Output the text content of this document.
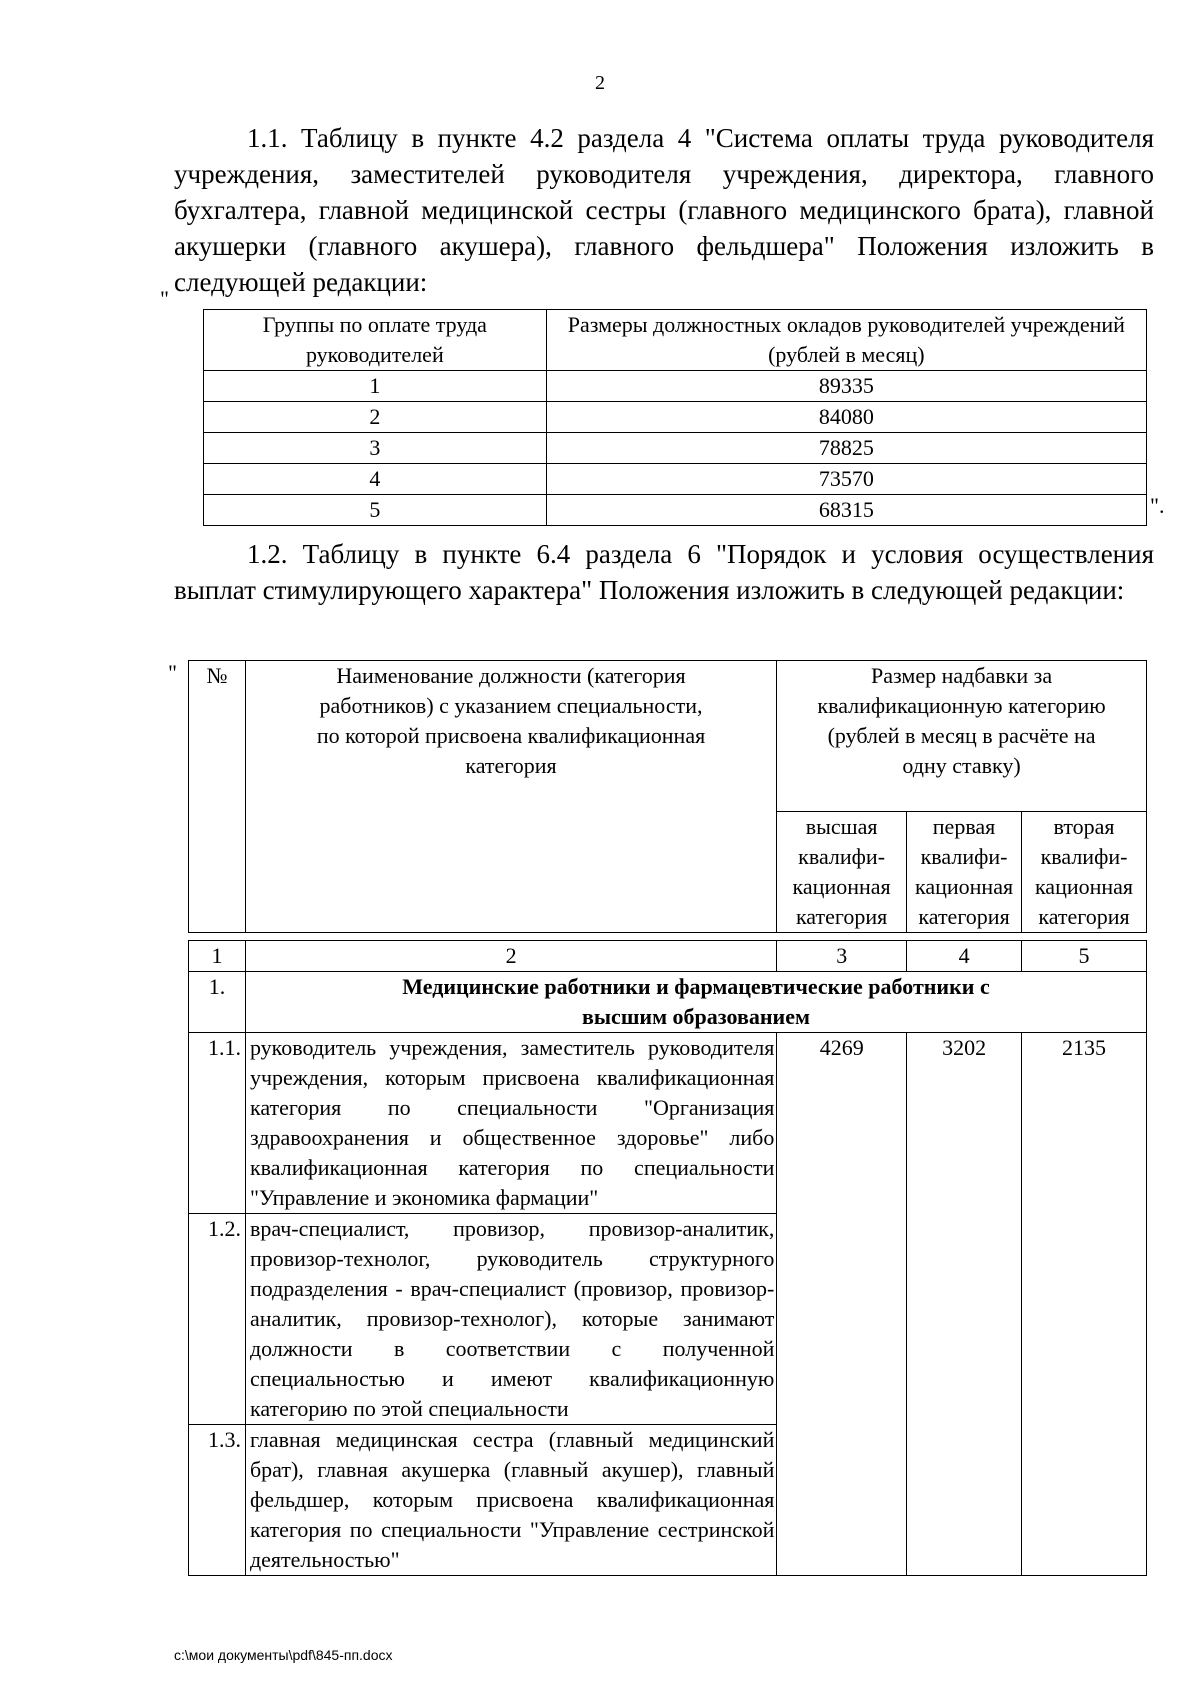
2

1.1. Таблицу в пункте 4.2 раздела 4 "Система оплаты труда руководителя учреждения, заместителей руководителя учреждения, директора, главного бухгалтера, главной медицинской сестры (главного медицинского брата), главной акушерки (главного акушера), главного фельдшера" Положения изложить в следующей редакции:

"
Группы по оплате труда руководителей	Размеры должностных окладов руководителей учреждений (рублей в месяц)
1	89335
2	84080
3	78825
4	73570
5	68315	".

1.2. Таблицу в пункте 6.4 раздела 6 "Порядок и условия осуществления выплат стимулирующего характера" Положения изложить в следующей редакции:

" №	Наименование должности (категория работников) с указанием специальности, по которой присвоена квалификационная категория	Размер надбавки за квалификационную категорию (рублей в месяц в расчёте на одну ставку)		
		высшая квалифи-кационная категория	первая квалифи-кационная категория	вторая квалифи-кационная категория
1	2	3	4	5
1.	Медицинские работники и фармацевтические работники с высшим образованием			
1.1.	руководитель учреждения, заместитель руководителя учреждения, которым присвоена квалификационная категория по специальности "Организация здравоохранения и общественное здоровье" либо квалификационная категория по специальности "Управление и экономика фармации"	4269	3202	2135
1.2.	врач-специалист, провизор, провизор-аналитик, провизор-технолог, руководитель структурного подразделения - врач-специалист (провизор, провизор-аналитик, провизор-технолог), которые занимают должности в соответствии с полученной специальностью и имеют квалификационную категорию по этой специальности			
1.3.	главная медицинская сестра (главный медицинский брат), главная акушерка (главный акушер), главный фельдшер, которым присвоена квалификационная категория по специальности "Управление сестринской деятельностью"			
c:\мои документы\pdf\845-пп.docx
